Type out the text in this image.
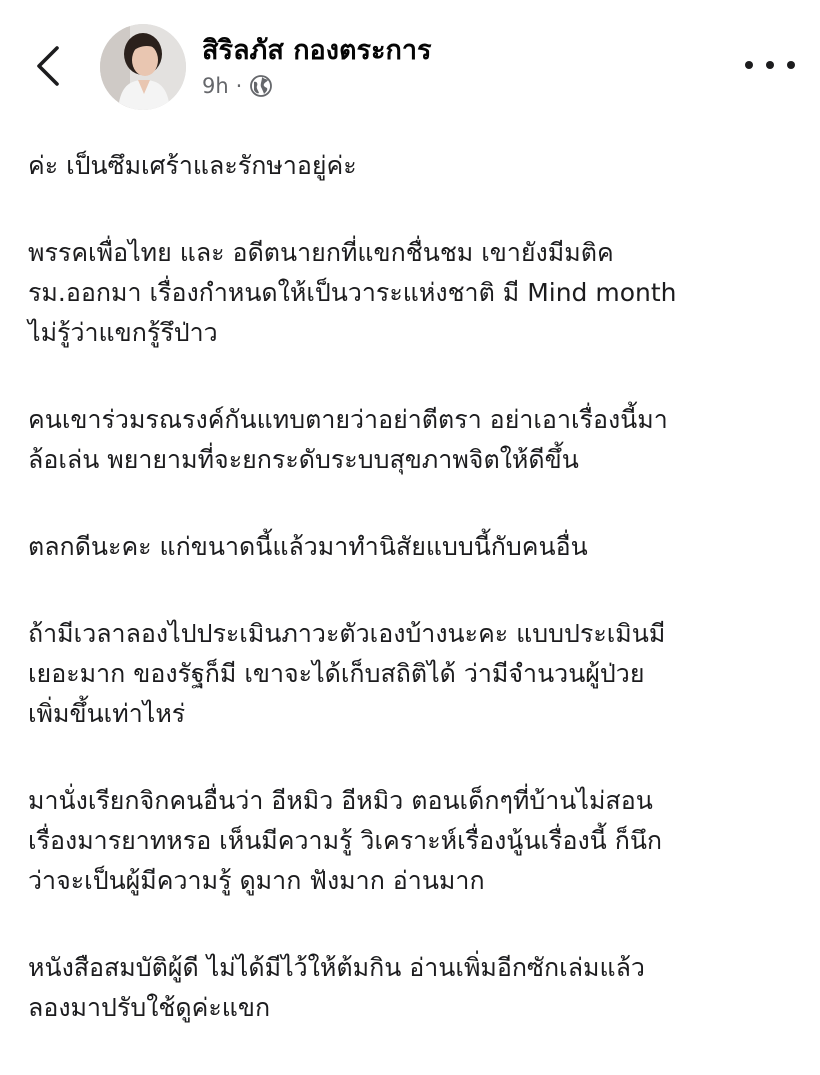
สิริลภัส กองตระการ
9h ·

ค่ะ เป็นซึมเศร้าและรักษาอยู่ค่ะ

พรรคเพื่อไทย และ อดีตนายกที่แขกชื่นชม เขายังมีมติค
รม.ออกมา เรื่องกำหนดให้เป็นวาระแห่งชาติ มี Mind month
ไม่รู้ว่าแขกรู้รึป่าว

คนเขาร่วมรณรงค์กันแทบตายว่าอย่าตีตรา อย่าเอาเรื่องนี้มา
ล้อเล่น พยายามที่จะยกระดับระบบสุขภาพจิตให้ดีขึ้น

ตลกดีนะคะ แก่ขนาดนี้แล้วมาทำนิสัยแบบนี้กับคนอื่น

ถ้ามีเวลาลองไปประเมินภาวะตัวเองบ้างนะคะ แบบประเมินมี
เยอะมาก ของรัฐก็มี เขาจะได้เก็บสถิติได้ ว่ามีจำนวนผู้ป่วย
เพิ่มขึ้นเท่าไหร่

มานั่งเรียกจิกคนอื่นว่า อีหมิว อีหมิว ตอนเด็กๆที่บ้านไม่สอน
เรื่องมารยาทหรอ เห็นมีความรู้ วิเคราะห์เรื่องนู้นเรื่องนี้ ก็นึก
ว่าจะเป็นผู้มีความรู้ ดูมาก ฟังมาก อ่านมาก

หนังสือสมบัติผู้ดี ไม่ได้มีไว้ให้ต้มกิน อ่านเพิ่มอีกซักเล่มแล้ว
ลองมาปรับใช้ดูค่ะแขก
